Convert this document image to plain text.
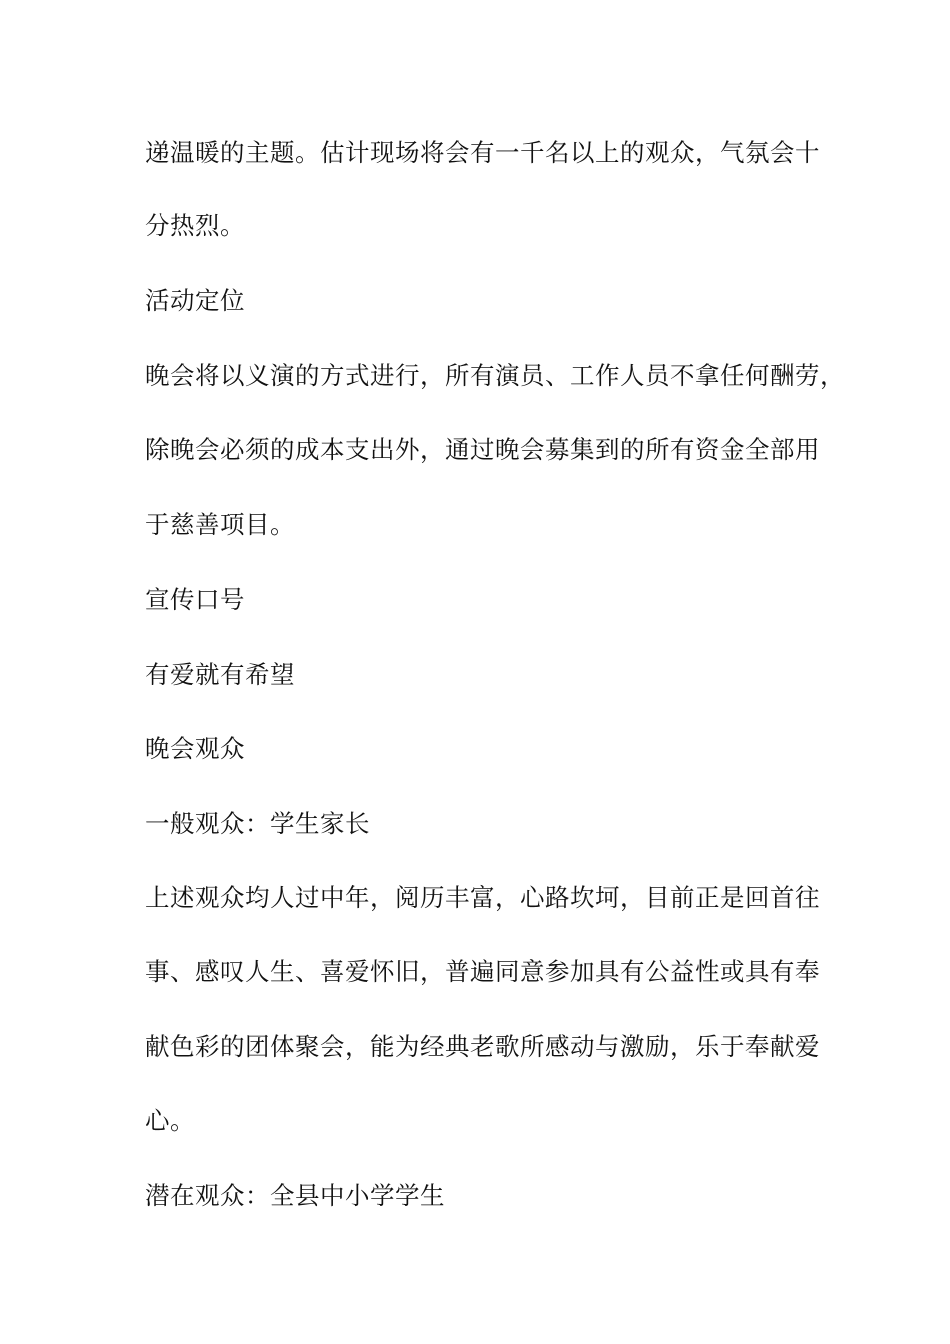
递温暖的主题。估计现场将会有一千名以上的观众，气氛会十
分热烈。
活动定位
晚会将以义演的方式进行，所有演员、工作人员不拿任何酬劳，
除晚会必须的成本支出外，通过晚会募集到的所有资金全部用
于慈善项目。
宣传口号
有爱就有希望
晚会观众
一般观众：学生家长
上述观众均人过中年，阅历丰富，心路坎坷，目前正是回首往
事、感叹人生、喜爱怀旧，普遍同意参加具有公益性或具有奉
献色彩的团体聚会，能为经典老歌所感动与激励，乐于奉献爱
心。
潜在观众：全县中小学学生
